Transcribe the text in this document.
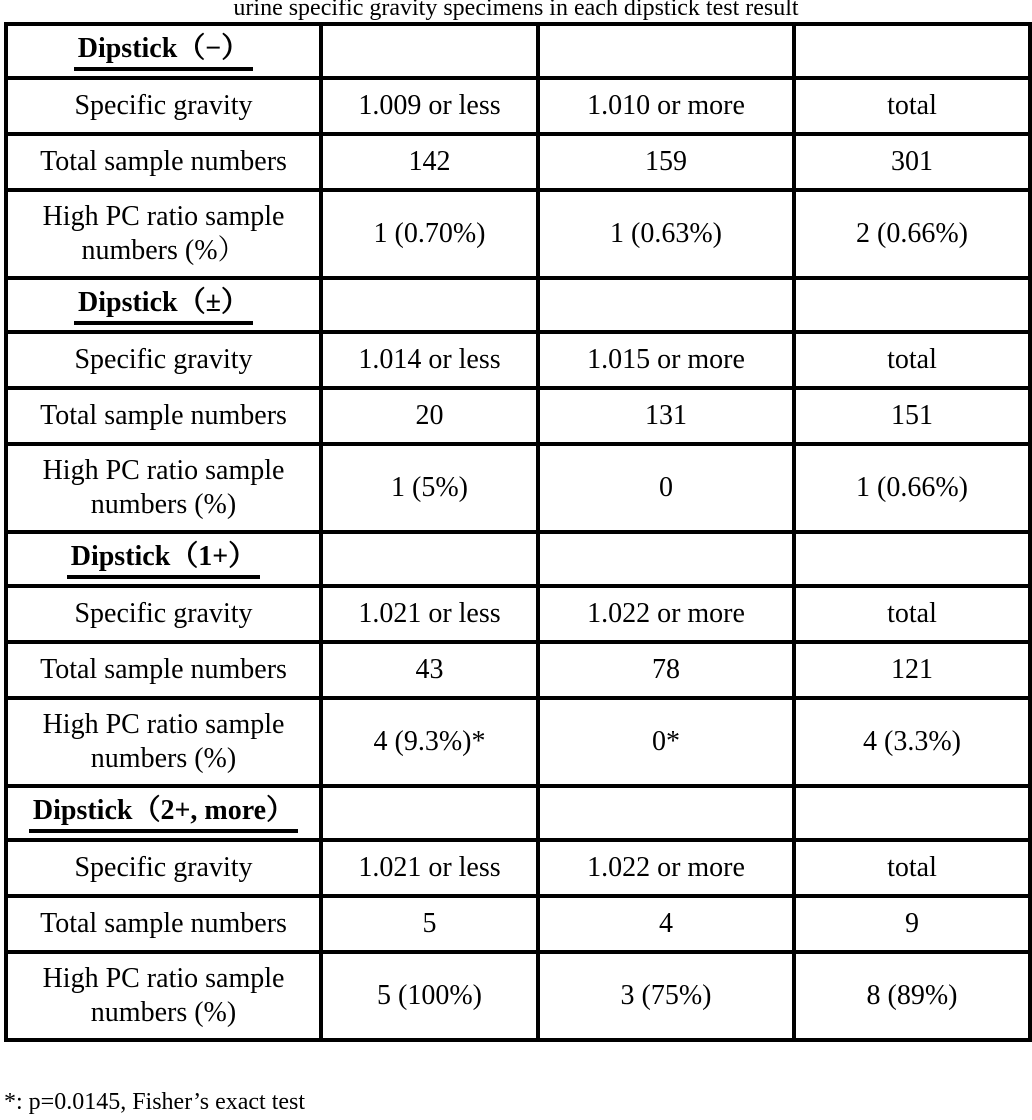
urine specific gravity specimens in each dipstick test result
Dipstick（−）			
Specific gravity	1.009 or less	1.010 or more	total
Total sample numbers	142	159	301
High PC ratio sample numbers (%）	1 (0.70%)	1 (0.63%)	2 (0.66%)
Dipstick（±）			
Specific gravity	1.014 or less	1.015 or more	total
Total sample numbers	20	131	151
High PC ratio sample numbers (%)	1 (5%)	0	1 (0.66%)
Dipstick（1+）			
Specific gravity	1.021 or less	1.022 or more	total
Total sample numbers	43	78	121
High PC ratio sample numbers (%)	4 (9.3%)*	0*	4 (3.3%)
Dipstick（2+, more）			
Specific gravity	1.021 or less	1.022 or more	total
Total sample numbers	5	4	9
High PC ratio sample numbers (%)	5 (100%)	3 (75%)	8 (89%)
*: p=0.0145, Fisher’s exact test
